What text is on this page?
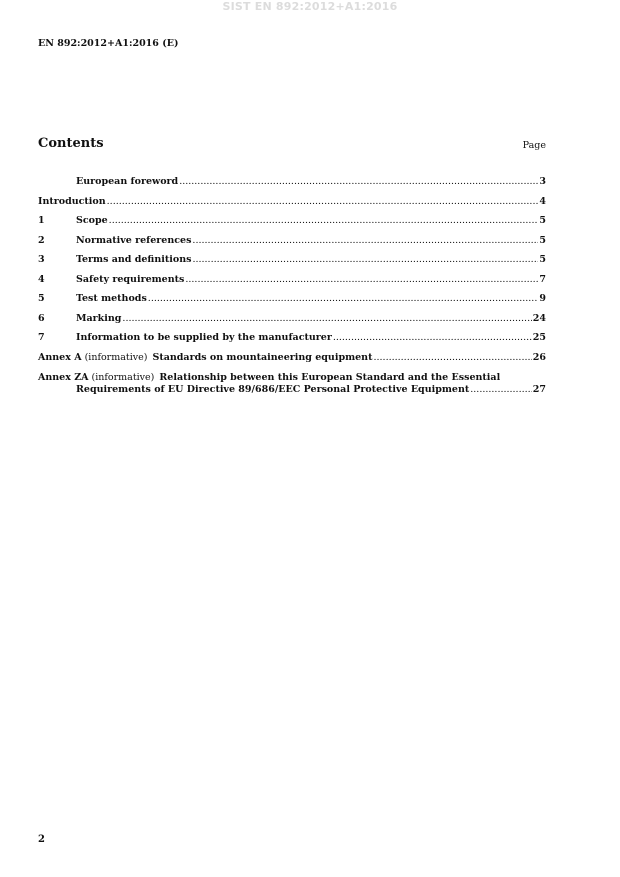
SIST EN 892:2012+A1:2016
EN 892:2012+A1:2016 (E)
Contents	Page
European foreword .....	3
Introduction .....	4
1	Scope .....	5
2	Normative references .....	5
3	Terms and definitions .....	5
4	Safety requirements .....	7
5	Test methods .....	9
6	Marking .....	24
7	Information to be supplied by the manufacturer .....	25
Annex A (informative) Standards on mountaineering equipment .....	26
Annex ZA (informative) Relationship between this European Standard and the Essential
Requirements of EU Directive 89/686/EEC Personal Protective Equipment .....	27
2
